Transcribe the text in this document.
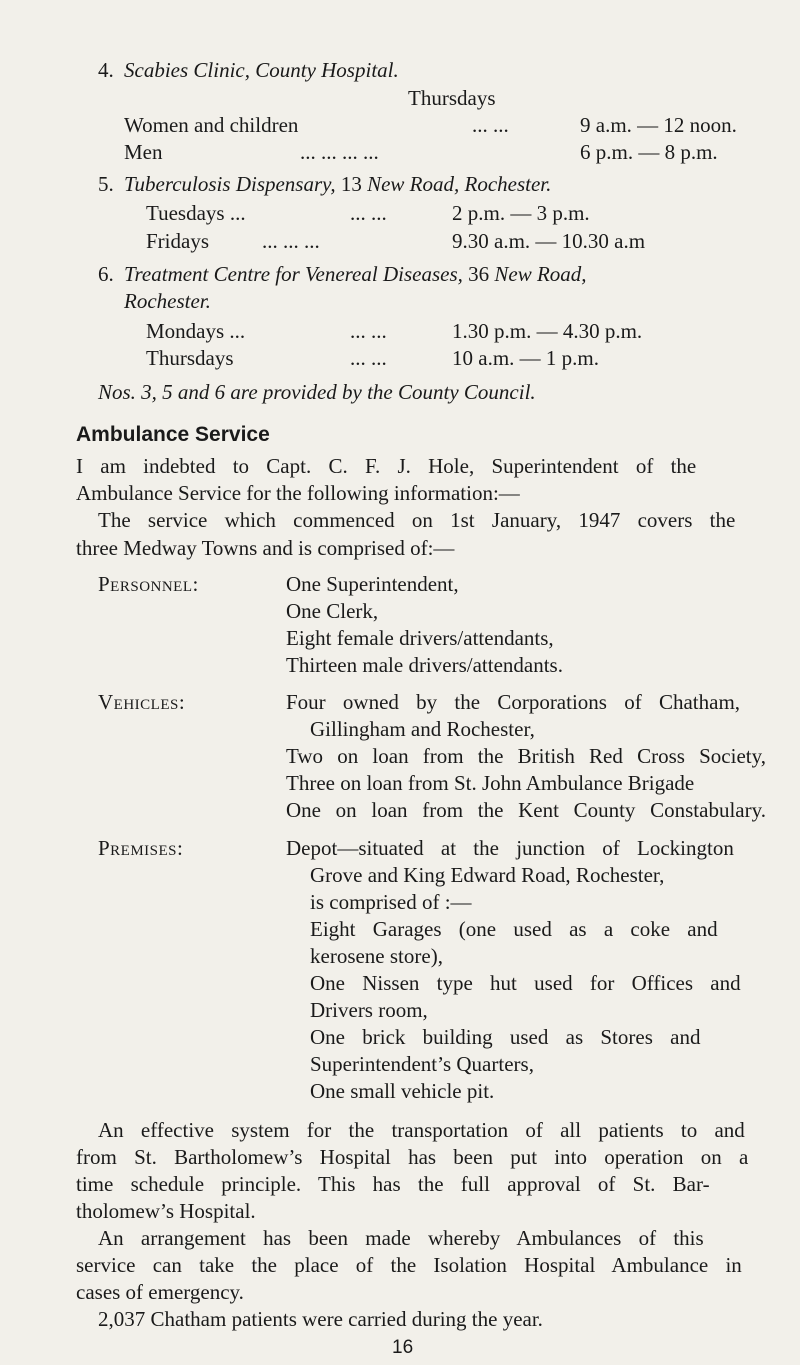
4. Scabies Clinic, County Hospital.
Thursdays
Women and children	... ...	9 a.m. — 12 noon.
Men	... ... ... ...	6 p.m. — 8 p.m.
5. Tuberculosis Dispensary, 13 New Road, Rochester.
Tuesdays ...	... ...	2 p.m. — 3 p.m.
Fridays	... ... ...	9.30 a.m. — 10.30 a.m
6. Treatment Centre for Venereal Diseases, 36 New Road,
Rochester.
Mondays ...	... ...	1.30 p.m. — 4.30 p.m.
Thursdays	... ...	10 a.m. — 1 p.m.
Nos. 3, 5 and 6 are provided by the County Council.
Ambulance Service
I am indebted to Capt. C. F. J. Hole, Superintendent of the
Ambulance Service for the following information:—
The service which commenced on 1st January, 1947 covers the
three Medway Towns and is comprised of:—
Personnel:	One Superintendent,
One Clerk,
Eight female drivers/attendants,
Thirteen male drivers/attendants.
Vehicles:	Four owned by the Corporations of Chatham,
Gillingham and Rochester,
Two on loan from the British Red Cross Society,
Three on loan from St. John Ambulance Brigade
One on loan from the Kent County Constabulary.
Premises:	Depot—situated at the junction of Lockington
Grove and King Edward Road, Rochester,
is comprised of :—
Eight Garages (one used as a coke and
kerosene store),
One Nissen type hut used for Offices and
Drivers room,
One brick building used as Stores and
Superintendent’s Quarters,
One small vehicle pit.
An effective system for the transportation of all patients to and
from St. Bartholomew’s Hospital has been put into operation on a
time schedule principle. This has the full approval of St. Bar-
tholomew’s Hospital.
An arrangement has been made whereby Ambulances of this
service can take the place of the Isolation Hospital Ambulance in
cases of emergency.
2,037 Chatham patients were carried during the year.
16
